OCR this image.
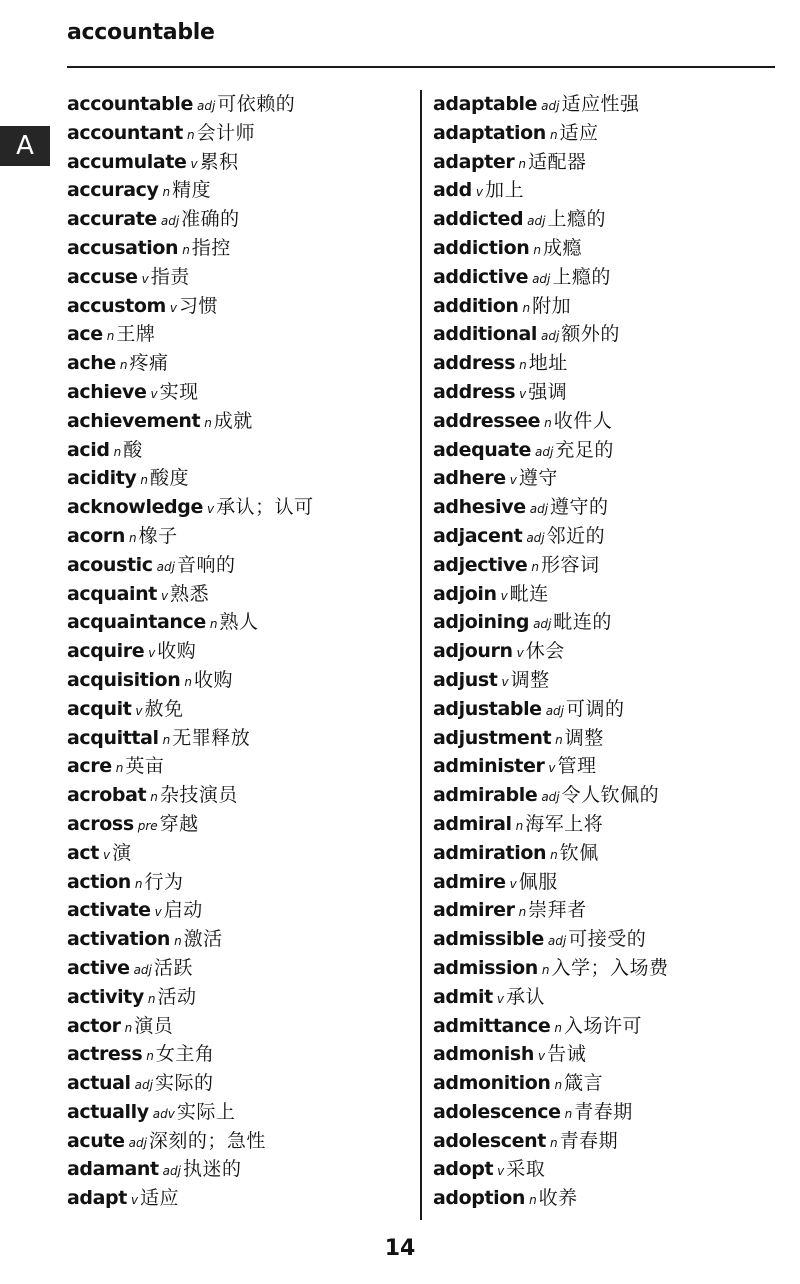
accountable
A
accountable adj 可依赖的
accountant n 会计师
accumulate v 累积
accuracy n 精度
accurate adj 准确的
accusation n 指控
accuse v 指责
accustom v 习惯
ace n 王牌
ache n 疼痛
achieve v 实现
achievement n 成就
acid n 酸
acidity n 酸度
acknowledge v 承认；认可
acorn n 橡子
acoustic adj 音响的
acquaint v 熟悉
acquaintance n 熟人
acquire v 收购
acquisition n 收购
acquit v 赦免
acquittal n 无罪释放
acre n 英亩
acrobat n 杂技演员
across pre 穿越
act v 演
action n 行为
activate v 启动
activation n 激活
active adj 活跃
activity n 活动
actor n 演员
actress n 女主角
actual adj 实际的
actually adv 实际上
acute adj 深刻的；急性
adamant adj 执迷的
adapt v 适应
adaptable adj 适应性强
adaptation n 适应
adapter n 适配器
add v 加上
addicted adj 上瘾的
addiction n 成瘾
addictive adj 上瘾的
addition n 附加
additional adj 额外的
address n 地址
address v 强调
addressee n 收件人
adequate adj 充足的
adhere v 遵守
adhesive adj 遵守的
adjacent adj 邻近的
adjective n 形容词
adjoin v 毗连
adjoining adj 毗连的
adjourn v 休会
adjust v 调整
adjustable adj 可调的
adjustment n 调整
administer v 管理
admirable adj 令人钦佩的
admiral n 海军上将
admiration n 钦佩
admire v 佩服
admirer n 崇拜者
admissible adj 可接受的
admission n 入学；入场费
admit v 承认
admittance n 入场许可
admonish v 告诫
admonition n 箴言
adolescence n 青春期
adolescent n 青春期
adopt v 采取
adoption n 收养
14
